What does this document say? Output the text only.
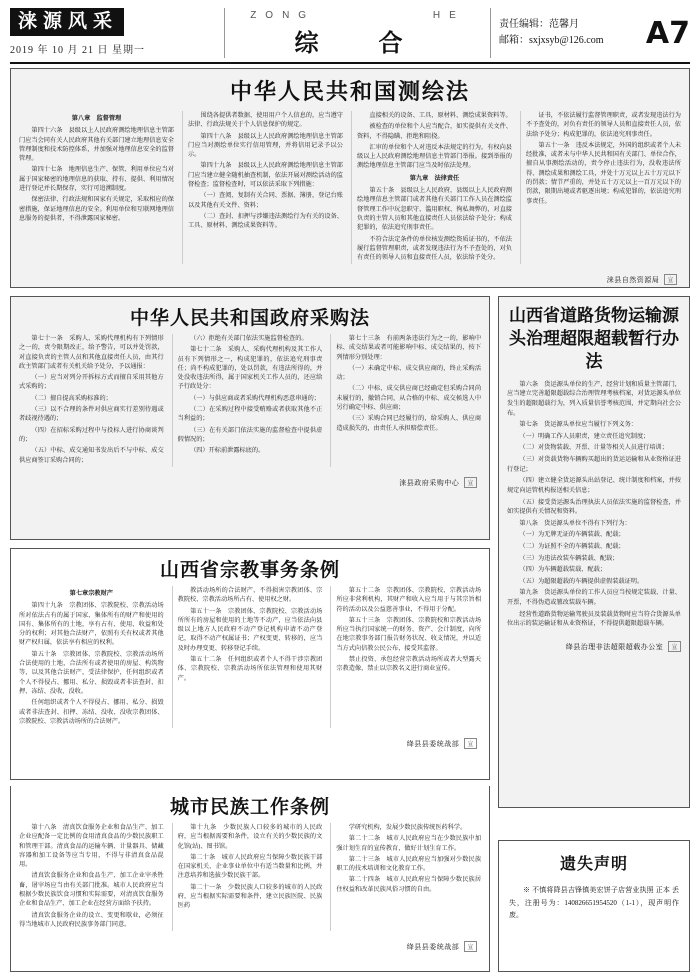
涞源风采
2019 年 10 月 21 日 星期一
ZONG	HE
综　合
责任编辑：范馨月
邮箱：sxjxsyb@126.com	A7
中华人民共和国测绘法

第八章　监督管理

第四十六条　县级以上人民政府测绘地理信息主管部门应当会同有关人民政府其他有关部门建立地理信息安全管理制度和技术防控体系，并加强对地理信息安全的监督管理。

第四十七条　地理信息生产、保管、利用单位应当对属于国家秘密的地理信息的获取、持有、提供、利用情况进行登记并长期保存，实行可追溯制度。

保密法律、行政法规和国家有关规定，采取相应的保密措施，保证地理信息的安全。利用单位和互联网地理信息服务的提供者，不得泄露国家秘密。

围绕各提供者数据、使用用户个人信息的，应当遵守法律、行政法规关于个人信息保护的规定。

第四十八条　县级以上人民政府测绘地理信息主管部门应当对测绘单位实行信用管理，并将信用记录予以公示。

第四十九条　县级以上人民政府测绘地理信息主管部门应当建立健全随机抽查机制，依法开展对测绘活动的监督检查；监督检查时，可以依法采取下列措施：

（一）查阅、复制有关合同、票据、簿册，登记台账以及其他有关文件、资料；

（二）查封、扣押与涉嫌违法测绘行为有关的设备、工具、原材料、测绘成果资料等。

直接相关的设备、工具、原材料、测绘成果资料等。

被检查的单位和个人应当配合，如实提供有关文件、资料，不得隐瞒、拒绝和阻挠。

汇审的单位和个人对违反本法规定的行为，有权向县级以上人民政府测绘地理信息主管部门举报。接到举报的测绘地理信息主管部门应当及时依法处理。

第九章　法律责任

第五十条　县级以上人民政府，县级以上人民政府测绘地理信息主管部门或者其他有关部门工作人员在测绘监督管理工作中玩忽职守、滥用职权、徇私舞弊的，对直接负责的主管人员和其他直接责任人员依法给予处分；构成犯罪的，依法追究刑事责任。

不符合法定条件的单位核发测绘资质证书的，不依法履行监督管理职责，或者发现违法行为不予查处的，对负有责任的领导人员和直接责任人员，依法给予处分。

证书，不依法履行监督管理职责，或者发现违法行为不予查处的，对负有责任的领导人员和直接责任人员，依法给予处分；构成犯罪的，依法追究刑事责任。

第五十一条　违反本法规定，外国的组织或者个人未经批准，或者未与中华人民共和国有关部门、单位合作，擅自从事测绘活动的，责令停止违法行为，没收违法所得、测绘成果和测绘工具，并处十万元以上五十万元以下的罚款；情节严重的，并处五十万元以上一百万元以下的罚款，限期出境或者驱逐出境；构成犯罪的，依法追究刑事责任。

涞县自然资源局 宣
中华人民共和国政府采购法

第七十一条　采购人、采购代理机构有下列情形之一的，责令限期改正，给予警告，可以并处罚款，对直接负责的主管人员和其他直接责任人员，由其行政主管部门或者有关机关给予处分，予以通报：

（一）应当对列分开拆标方式而擅自采用其他方式采购的；

（二）擅自提高采购标准的；

（三）以不合理的条件对供应商实行差别待遇或者歧视待遇的；

（四）在招标采购过程中与投标人进行协商谈判的；

（五）中标、成交通知书发出后不与中标、成交供应商签订采购合同的；

（六）拒绝有关部门依法实施监督检查的。

第七十二条　采购人、采购代理机构及其工作人员有下列情形之一，构成犯罪的，依法追究刑事责任；尚不构成犯罪的，处以罚款，有违法所得的，并处没收违法所得，属于国家机关工作人员的，还应给予行政处分：

（一）与供应商或者采购代理机构恶意串通的；

（二）在采购过程中接受贿赂或者获取其他不正当利益的；

（三）在有关部门依法实施的监督检查中提供虚假情况的；

（四）开标前泄露标底的。

第七十三条　有前两条违法行为之一的，影响中标、成交结果或者可能影响中标、成交结果的，按下列情形分别处理：

（一）未确定中标、成交供应商的，终止采购活动；

（二）中标、成交供应商已经确定但采购合同尚未履行的，撤销合同，从合格的中标、成交候选人中另行确定中标、供应商；

（三）采购合同已经履行的，给采购人、供应商造成损失的，由责任人承担赔偿责任。

涞县政府采购中心 宣
山西省道路货物运输源头治理超限超载暂行办法

第六条　货运源头单位的生产、经营计划和质量主管部门，应当建立完善超限超载综合治理管理考核档案，对货运源头单位发生的超限超载行为，列入质量信誉考核范围，并定期向社会公布。

第七条　货运源头单位应当履行下列义务：

（一）明确工作人员职责，建立责任追究制度；

（二）对货物装载、开票、计量等相关人员进行培训；

（三）对货载货物车辆购买超出的货运运输和从业资格证进行登记；

（四）建立健全货运源头出站登记、统计制度和档案，并按规定向运管机构报送相关信息；

（五）接受货运源头治理执法人员依法实施的监督检查，并如实提供有关情况和资料。

第八条　货运源头单位不得有下列行为：

（一）为无牌无证的车辆装载、配载；

（二）为证照不全的车辆装载、配载；

（三）为违法改装车辆装载、配载；

（四）为车辆超载装载、配载；

（五）为超限超载的车辆提供虚假装载证明。

第九条　货运源头单位的工作人员应当按规定装载、计量、开票，不得伪造或篡改装载车辆。

经营性道路货物运输驾驶员及装载货物时应当符合货源头单位出示的装运输证和从业资格证，不得提供超限超载车辆。

绛县治理非法超限超载办公室 宣
山西省宗教事务条例

第七章宗教财产

第四十九条　宗教团体、宗教院校、宗教活动场所对依法占有的属于国家、集体所有的财产和使用的国有、集体所有的土地，享有占有、使用、收益和处分的权利；对其他合法财产，依照有关有权或者其他财产权归属，依法享有相应的权利。

第五十条　宗教团体、宗教院校、宗教活动场所合法使用的土地，合法所有或者使用的房屋、构筑物等，以及其他合法财产，受法律保护，任何组织或者个人不得侵占、挪用、私分、损毁或者非法查封、扣押、冻结、没收、没收。

任何组织或者个人不得侵占、挪用、私分、损毁或者非法查封、扣押、冻结、没收、没收宗教团体、宗教院校、宗教活动场所的合法财产。

教活动场所的合法财产，不得损害宗教团体、宗教院校、宗教活动场所占有、使用权之财。

第五十一条　宗教团体、宗教院校、宗教活动场所所有的房屋和使用的土地等不动产，应当依法向县级以上地方人民政府不动产登记机构申请不动产登记，取得不动产权属证书；产权变更、转移的，应当及时办理变更、转移登记手续。

第五十二条　任何组织或者个人不得干涉宗教团体、宗教院校、宗教活动场所依法管理和使用其财产。

第五十二条　宗教团体、宗教院校、宗教活动场所应非营利机构，其财产和收入应当用于与其宗旨相符的活动以及公益慈善事业，不得用于分配。

第五十三条　宗教团体、宗教院校和宗教活动场所应当执行国家统一的财务、资产、会计制度，向所在地宗教事务部门报告财务状况、收支情况，并以适当方式向信教公民公布，接受其监督。

禁止投资、承包经营宗教活动场所或者大型露天宗教造像，禁止以宗教名义进行商业宣传。

绛县县委统战部 宣
城市民族工作条例

第十八条　清真饮食服务企业和食品生产、加工企业应配备一定比例的食用清真食品的少数民族职工和管理干部。清真食品的运输车辆、计量器具、储藏容器和加工设备等应当专用，不得与非清真食品混用。

清真饮食服务企业和食品生产、加工企业宰杀牲畜，屠宰场应当由有关部门批准。城市人民政府应当根据少数民族饮食习惯和实际需要，对清真饮食服务企业和食品生产、加工企业在经营方面给予扶持。

清真饮食服务企业的设立、变更和歇业，必须征得当地城市人民政府民族事务部门同意。

第十九条　少数民族人口较多的城市的人民政府，应当根据需要和条件，设立有关的少数民族的文化馆(站)、图书馆。

第二十条　城市人民政府应当保障少数民族干部在国家机关、企业事业单位中有适当数量和比例，并注意培养和选拔少数民族干部。

第二十一条　少数民族人口较多的城市的人民政府，应当根据实际需要和条件，建立民族医院、民族医药

学研究机构，发展少数民族传统医药科学。

第二十二条　城市人民政府应当在少数民族中加强计划生育的宣传教育，做好计划生育工作。

第二十三条　城市人民政府应当加强对少数民族职工的技术培训和文化教育工作。

第二十四条　城市人民政府应当保障少数民族居住权益和改革民族风俗习惯的自由。

绛县县委统战部 宣
遗失声明

※ 不慎将降县吉锋镇美宏饼子店营业执照 正本 丢失，注册号为：140826651954520（1-1），现声明作废。
